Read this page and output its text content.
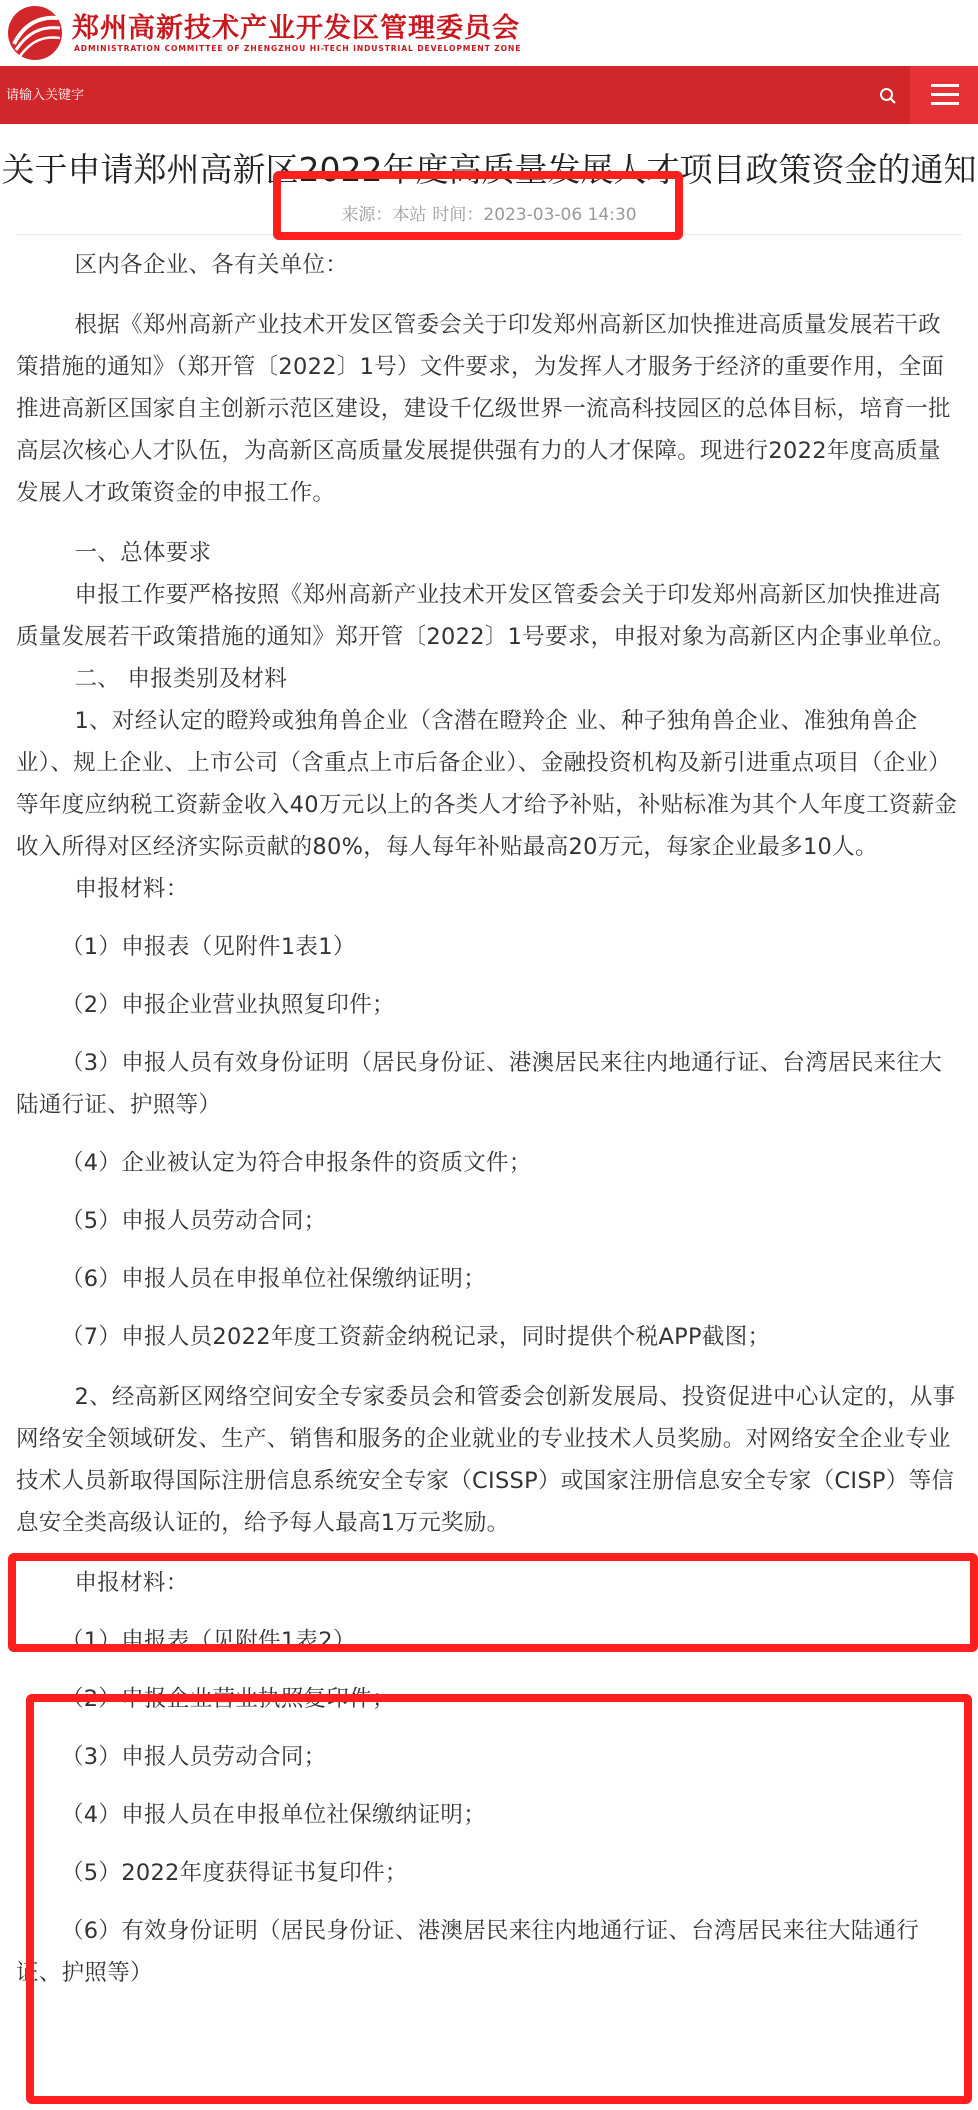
郑州高新技术产业开发区管理委员会
ADMINISTRATION COMMITTEE OF ZHENGZHOU HI-TECH INDUSTRIAL DEVELOPMENT ZONE
请输入关键字
关于申请郑州高新区2022年度高质量发展人才项目政策资金的通知
来源：本站 时间：2023-03-06 14:30

区内各企业、各有关单位：

根据《郑州高新产业技术开发区管委会关于印发郑州高新区加快推进高质量发展若干政策措施的通知》（郑开管〔2022〕1号）文件要求，为发挥人才服务于经济的重要作用，全面推进高新区国家自主创新示范区建设，建设千亿级世界一流高科技园区的总体目标，培育一批高层次核心人才队伍，为高新区高质量发展提供强有力的人才保障。现进行2022年度高质量发展人才政策资金的申报工作。

一、总体要求

申报工作要严格按照《郑州高新产业技术开发区管委会关于印发郑州高新区加快推进高质量发展若干政策措施的通知》郑开管〔2022〕1号要求，申报对象为高新区内企事业单位。

二、 申报类别及材料

1、对经认定的瞪羚或独角兽企业（含潜在瞪羚企 业、种子独角兽企业、准独角兽企业）、规上企业、上市公司（含重点上市后备企业）、金融投资机构及新引进重点项目（企业）等年度应纳税工资薪金收入40万元以上的各类人才给予补贴，补贴标准为其个人年度工资薪金收入所得对区经济实际贡献的80%，每人每年补贴最高20万元，每家企业最多10人。

申报材料：

（1）申报表（见附件1表1）

（2）申报企业营业执照复印件；

（3）申报人员有效身份证明（居民身份证、港澳居民来往内地通行证、台湾居民来往大陆通行证、护照等）

（4）企业被认定为符合申报条件的资质文件；

（5）申报人员劳动合同；

（6）申报人员在申报单位社保缴纳证明；

（7）申报人员2022年度工资薪金纳税记录，同时提供个税APP截图；

2、经高新区网络空间安全专家委员会和管委会创新发展局、投资促进中心认定的，从事网络安全领域研发、生产、销售和服务的企业就业的专业技术人员奖励。对网络安全企业专业技术人员新取得国际注册信息系统安全专家（CISSP）或国家注册信息安全专家（CISP）等信息安全类高级认证的，给予每人最高1万元奖励。

申报材料：

（1）申报表（见附件1表2）

（2）申报企业营业执照复印件；

（3）申报人员劳动合同；

（4）申报人员在申报单位社保缴纳证明；

（5）2022年度获得证书复印件；

（6）有效身份证明（居民身份证、港澳居民来往内地通行证、台湾居民来往大陆通行证、护照等）
